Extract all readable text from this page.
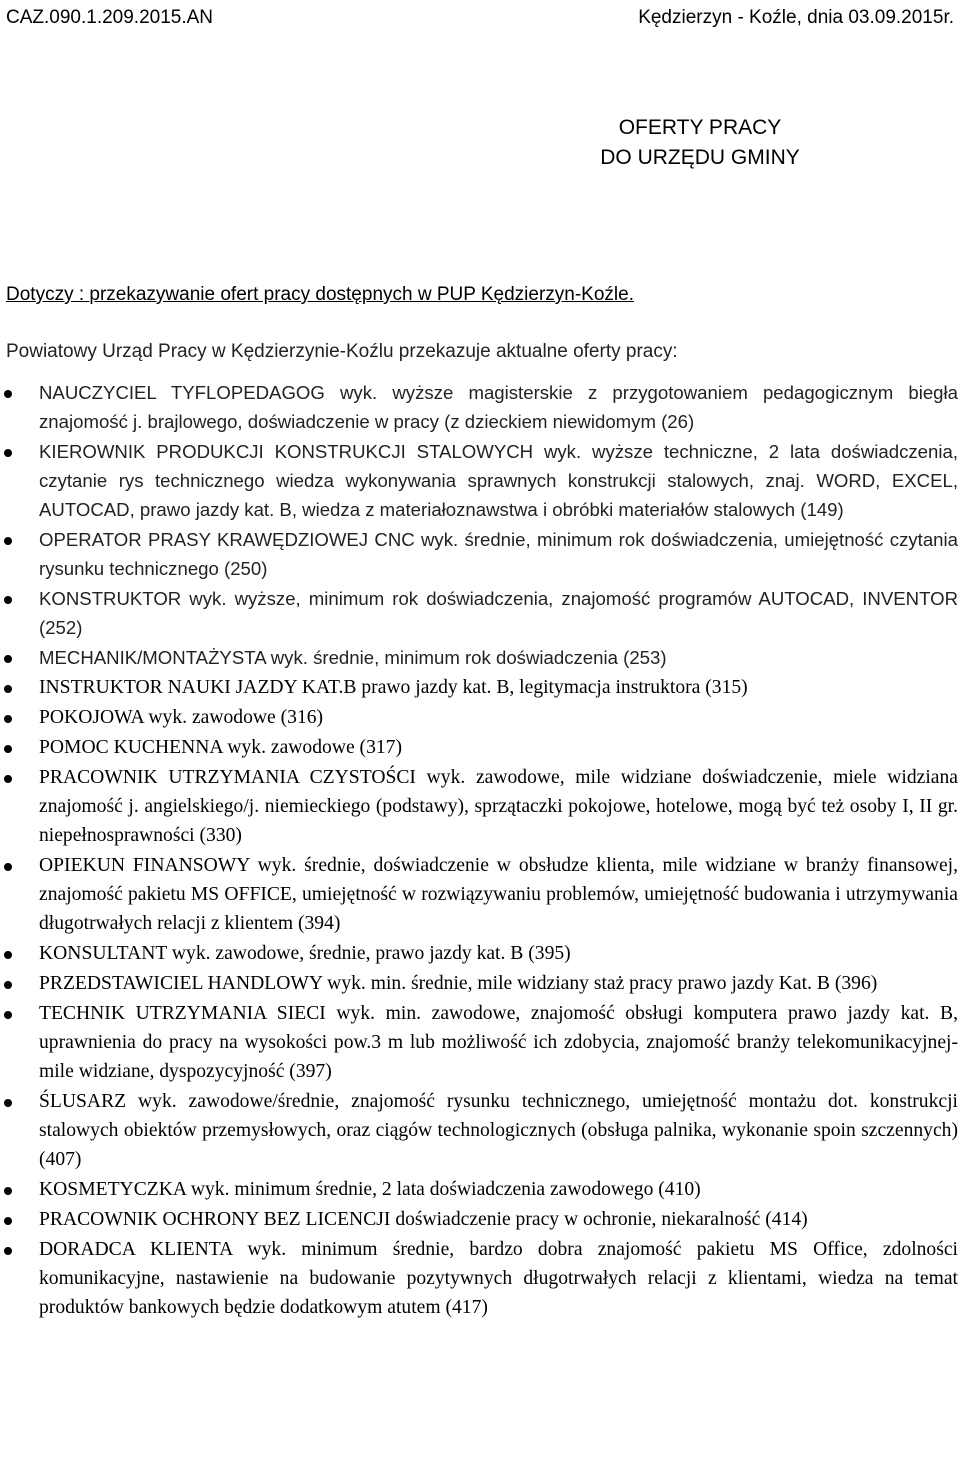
CAZ.090.1.209.2015.AN	Kędzierzyn - Koźle, dnia 03.09.2015r.
OFERTY PRACY
DO URZĘDU GMINY
Dotyczy : przekazywanie ofert pracy dostępnych w PUP Kędzierzyn-Koźle.
Powiatowy Urząd Pracy w Kędzierzynie-Koźlu przekazuje aktualne oferty pracy:
NAUCZYCIEL TYFLOPEDAGOG wyk. wyższe magisterskie z przygotowaniem pedagogicznym biegła znajomość j. brajlowego, doświadczenie w pracy (z dzieckiem niewidomym (26)
KIEROWNIK PRODUKCJI KONSTRUKCJI STALOWYCH wyk. wyższe techniczne, 2 lata doświadczenia, czytanie rys technicznego wiedza wykonywania sprawnych konstrukcji stalowych, znaj. WORD, EXCEL, AUTOCAD, prawo jazdy kat. B, wiedza z materiałoznawstwa i obróbki materiałów stalowych (149)
OPERATOR PRASY KRAWĘDZIOWEJ CNC wyk. średnie, minimum rok doświadczenia, umiejętność czytania rysunku technicznego (250)
KONSTRUKTOR wyk. wyższe, minimum rok doświadczenia, znajomość programów AUTOCAD, INVENTOR (252)
MECHANIK/MONTAŻYSTA wyk. średnie, minimum rok doświadczenia (253)
INSTRUKTOR NAUKI JAZDY KAT.B prawo jazdy kat. B, legitymacja instruktora (315)
POKOJOWA wyk. zawodowe (316)
POMOC KUCHENNA wyk. zawodowe (317)
PRACOWNIK UTRZYMANIA CZYSTOŚCI wyk. zawodowe, mile widziane doświadczenie, miele widziana znajomość j. angielskiego/j. niemieckiego (podstawy), sprzątaczki pokojowe, hotelowe, mogą być też osoby I, II gr. niepełnosprawności (330)
OPIEKUN FINANSOWY wyk. średnie, doświadczenie w obsłudze klienta, mile widziane w branży finansowej, znajomość pakietu MS OFFICE, umiejętność w rozwiązywaniu problemów, umiejętność budowania i utrzymywania długotrwałych relacji z klientem (394)
KONSULTANT wyk. zawodowe, średnie, prawo jazdy kat. B (395)
PRZEDSTAWICIEL HANDLOWY wyk. min. średnie, mile widziany staż pracy prawo jazdy Kat. B (396)
TECHNIK UTRZYMANIA SIECI wyk. min. zawodowe, znajomość obsługi komputera prawo jazdy kat. B, uprawnienia do pracy na wysokości pow.3 m lub możliwość ich zdobycia, znajomość branży telekomunikacyjnej-mile widziane, dyspozycyjność (397)
ŚLUSARZ wyk. zawodowe/średnie, znajomość rysunku technicznego, umiejętność montażu dot. konstrukcji stalowych obiektów przemysłowych, oraz ciągów technologicznych (obsługa palnika, wykonanie spoin szczennych) (407)
KOSMETYCZKA wyk. minimum średnie, 2 lata doświadczenia zawodowego (410)
PRACOWNIK OCHRONY BEZ LICENCJI doświadczenie pracy w ochronie, niekaralność (414)
DORADCA KLIENTA wyk. minimum średnie, bardzo dobra znajomość pakietu MS Office, zdolności komunikacyjne, nastawienie na budowanie pozytywnych długotrwałych relacji z klientami, wiedza na temat produktów bankowych będzie dodatkowym atutem (417)
